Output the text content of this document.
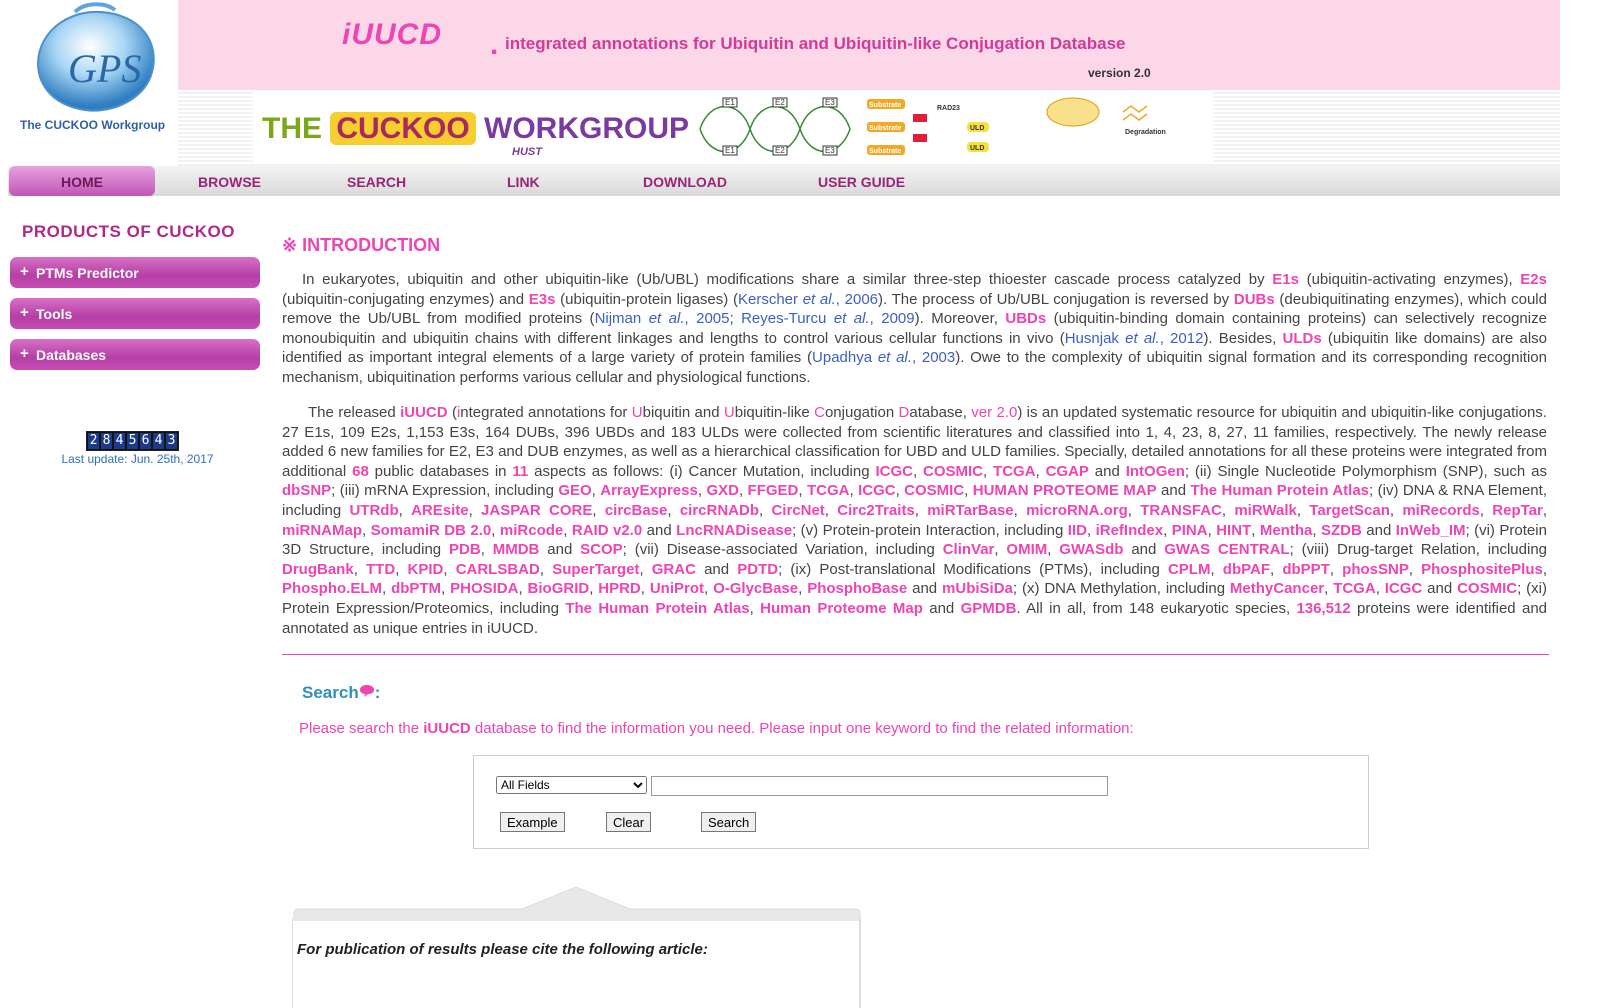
GPS
The CUCKOO Workgroup
iUUCD . integrated annotations for Ubiquitin and Ubiquitin-like Conjugation Database
version 2.0
THE CUCKOO WORKGROUP
HUST
E1
E1
E2
E2
E3
E3
Substrate
Substrate
Substrate
RAD23
ULD
ULD
Degradation
HOME	BROWSE	SEARCH	LINK	DOWNLOAD	USER GUIDE
PRODUCTS OF CUCKOO
+ PTMs Predictor
+ Tools
+ Databases
2 8 4 5 6 4 3
Last update: Jun. 25th, 2017
※ INTRODUCTION
In eukaryotes, ubiquitin and other ubiquitin-like (Ub/UBL) modifications share a similar three-step thioester cascade process catalyzed by E1s (ubiquitin-activating enzymes), E2s (ubiquitin-conjugating enzymes) and E3s (ubiquitin-protein ligases) (Kerscher et al., 2006). The process of Ub/UBL conjugation is reversed by DUBs (deubiquitinating enzymes), which could remove the Ub/UBL from modified proteins (Nijman et al., 2005; Reyes-Turcu et al., 2009). Moreover, UBDs (ubiquitin-binding domain containing proteins) can selectively recognize monoubiquitin and ubiquitin chains with different linkages and lengths to control various cellular functions in vivo (Husnjak et al., 2012). Besides, ULDs (ubiquitin like domains) are also identified as important integral elements of a large variety of protein families (Upadhya et al., 2003). Owe to the complexity of ubiquitin signal formation and its corresponding recognition mechanism, ubiquitination performs various cellular and physiological functions.
The released iUUCD (integrated annotations for Ubiquitin and Ubiquitin-like Conjugation Database, ver 2.0) is an updated systematic resource for ubiquitin and ubiquitin-like conjugations. 27 E1s, 109 E2s, 1,153 E3s, 164 DUBs, 396 UBDs and 183 ULDs were collected from scientific literatures and classified into 1, 4, 23, 8, 27, 11 families, respectively. The newly release added 6 new families for E2, E3 and DUB enzymes, as well as a hierarchical classification for UBD and ULD families. Specially, detailed annotations for all these proteins were integrated from additional 68 public databases in 11 aspects as follows: (i) Cancer Mutation, including ICGC, COSMIC, TCGA, CGAP and IntOGen; (ii) Single Nucleotide Polymorphism (SNP), such as dbSNP; (iii) mRNA Expression, including GEO, ArrayExpress, GXD, FFGED, TCGA, ICGC, COSMIC, HUMAN PROTEOME MAP and The Human Protein Atlas; (iv) DNA & RNA Element, including UTRdb, AREsite, JASPAR CORE, circBase, circRNADb, CircNet, Circ2Traits, miRTarBase, microRNA.org, TRANSFAC, miRWalk, TargetScan, miRecords, RepTar, miRNAMap, SomamiR DB 2.0, miRcode, RAID v2.0 and LncRNADisease; (v) Protein-protein Interaction, including IID, iRefIndex, PINA, HINT, Mentha, SZDB and InWeb_IM; (vi) Protein 3D Structure, including PDB, MMDB and SCOP; (vii) Disease-associated Variation, including ClinVar, OMIM, GWASdb and GWAS CENTRAL; (viii) Drug-target Relation, including DrugBank, TTD, KPID, CARLSBAD, SuperTarget, GRAC and PDTD; (ix) Post-translational Modifications (PTMs), including CPLM, dbPAF, dbPPT, phosSNP, PhosphositePlus, Phospho.ELM, dbPTM, PHOSIDA, BioGRID, HPRD, UniProt, O-GlycBase, PhosphoBase and mUbiSiDa; (x) DNA Methylation, including MethyCancer, TCGA, ICGC and COSMIC; (xi) Protein Expression/Proteomics, including The Human Protein Atlas, Human Proteome Map and GPMDB. All in all, from 148 eukaryotic species, 136,512 proteins were identified and annotated as unique entries in iUUCD.
Search :
Please search the iUUCD database to find the information you need. Please input one keyword to find the related information:
All Fields
Example	Clear	Search
For publication of results please cite the following article:
